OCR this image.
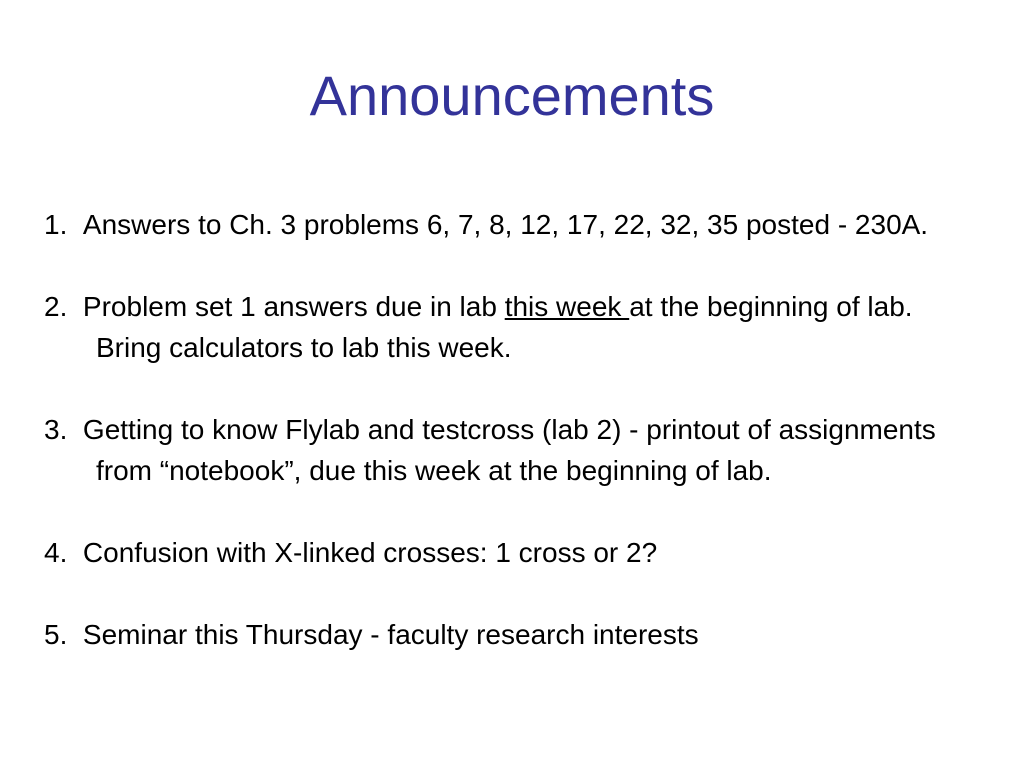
Announcements
1. Answers to Ch. 3 problems 6, 7, 8, 12, 17, 22, 32, 35 posted - 230A.
2. Problem set 1 answers due in lab this week at the beginning of lab. Bring calculators to lab this week.
3. Getting to know Flylab and testcross (lab 2) - printout of assignments from “notebook”, due this week at the beginning of lab.
4. Confusion with X-linked crosses: 1 cross or 2?
5. Seminar this Thursday - faculty research interests
